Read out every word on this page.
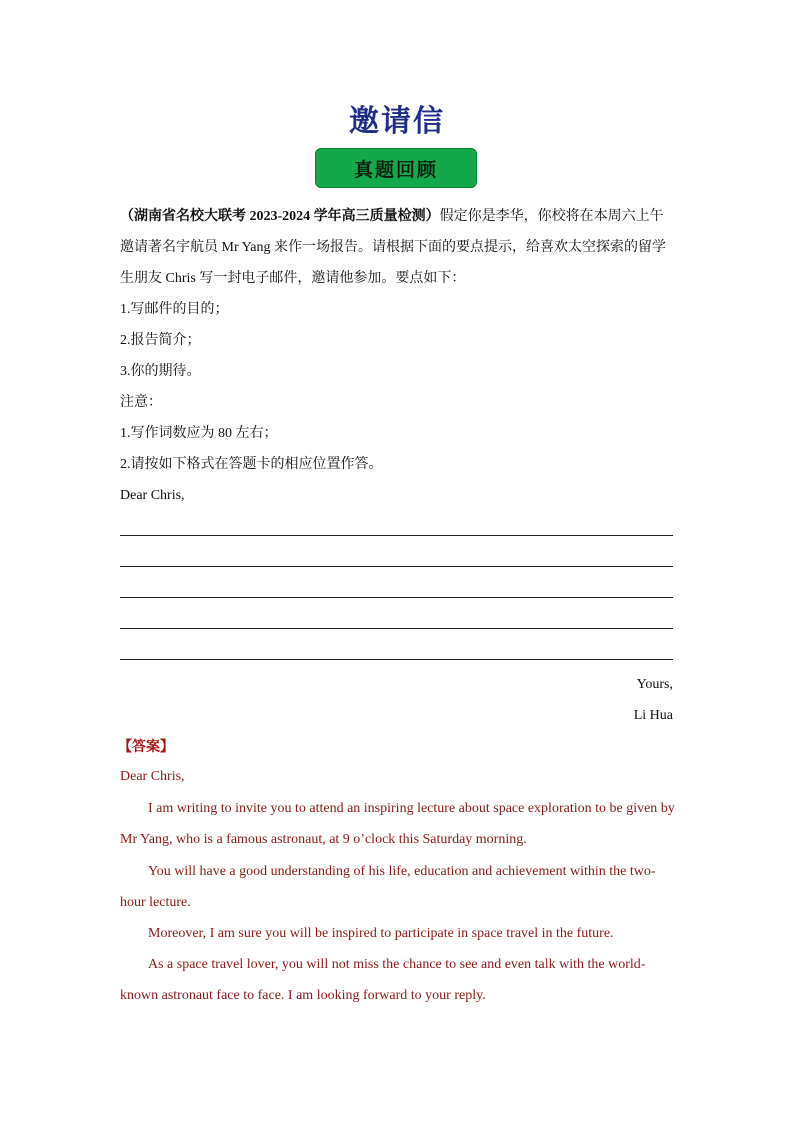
邀请信
真题回顾
（湖南省名校大联考 2023-2024 学年高三质量检测）假定你是李华，你校将在本周六上午邀请著名宇航员 Mr Yang 来作一场报告。请根据下面的要点提示，给喜欢太空探索的留学生朋友 Chris 写一封电子邮件，邀请他参加。要点如下：
1.写邮件的目的；
2.报告简介；
3.你的期待。
注意：
1.写作词数应为 80 左右；
2.请按如下格式在答题卡的相应位置作答。
Dear Chris,
Yours,
Li Hua
【答案】
Dear Chris,
I am writing to invite you to attend an inspiring lecture about space exploration to be given by Mr Yang, who is a famous astronaut, at 9 o’clock this Saturday morning.
You will have a good understanding of his life, education and achievement within the two-hour lecture.
Moreover, I am sure you will be inspired to participate in space travel in the future.
As a space travel lover, you will not miss the chance to see and even talk with the world-known astronaut face to face. I am looking forward to your reply.
